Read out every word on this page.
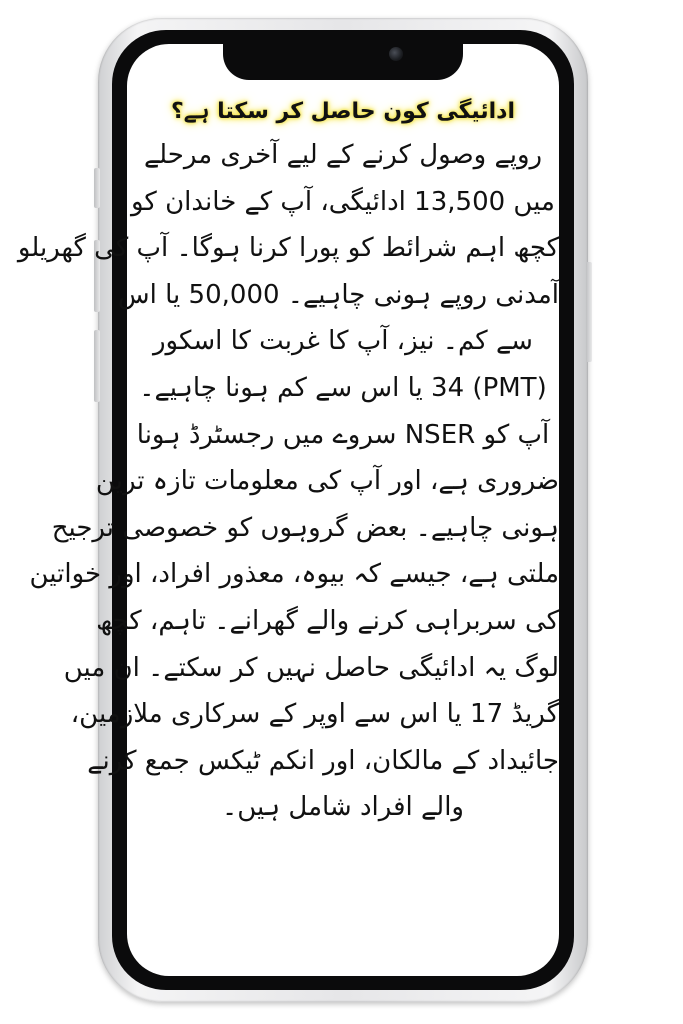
ادائیگی کون حاصل کر سکتا ہے؟
روپے وصول کرنے کے لیے آخری مرحلے
میں 13,500 ادائیگی، آپ کے خاندان کو
کچھ اہم شرائط کو پورا کرنا ہوگا۔ آپ کی گھریلو
آمدنی روپے ہونی چاہیے۔ 50,000 یا اس
سے کم۔ نیز، آپ کا غربت کا اسکور
(PMT) 34 یا اس سے کم ہونا چاہیے۔
آپ کو NSER سروے میں رجسٹرڈ ہونا
ضروری ہے، اور آپ کی معلومات تازہ ترین
ہونی چاہیے۔ بعض گروہوں کو خصوصی ترجیح
ملتی ہے، جیسے کہ بیوہ، معذور افراد، اور خواتین
کی سربراہی کرنے والے گھرانے۔ تاہم، کچھ
لوگ یہ ادائیگی حاصل نہیں کر سکتے۔ ان میں
گریڈ 17 یا اس سے اوپر کے سرکاری ملازمین،
جائیداد کے مالکان، اور انکم ٹیکس جمع کرنے
والے افراد شامل ہیں۔
